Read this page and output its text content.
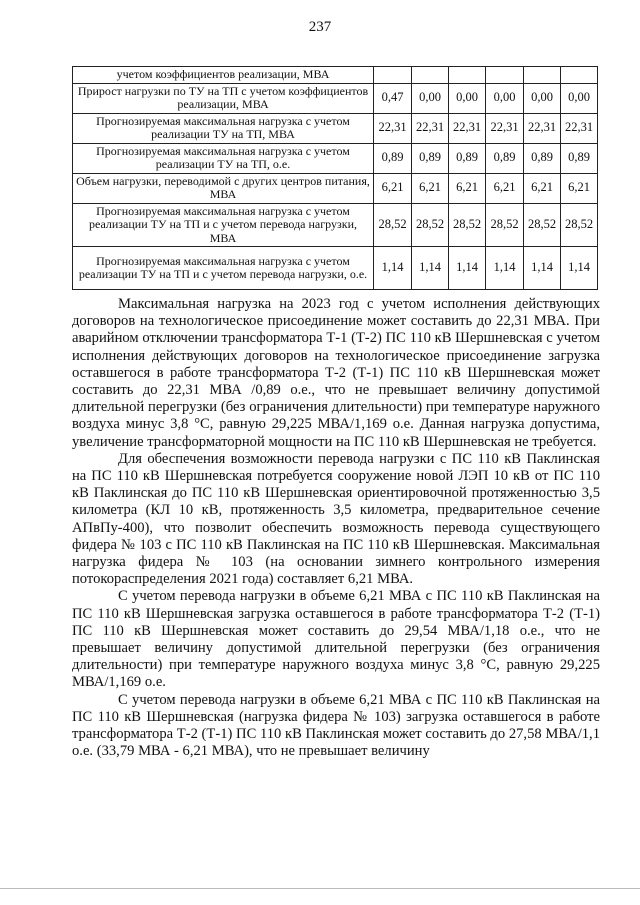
237
учетом коэффициентов реализации, МВА						
Прирост нагрузки по ТУ на ТП с учетом коэффициентов реализации, МВА	0,47	0,00	0,00	0,00	0,00	0,00
Прогнозируемая максимальная нагрузка с учетом реализации ТУ на ТП, МВА	22,31	22,31	22,31	22,31	22,31	22,31
Прогнозируемая максимальная нагрузка с учетом реализации ТУ на ТП, о.е.	0,89	0,89	0,89	0,89	0,89	0,89
Объем нагрузки, переводимой с других центров питания, МВА	6,21	6,21	6,21	6,21	6,21	6,21
Прогнозируемая максимальная нагрузка с учетом реализации ТУ на ТП и с учетом перевода нагрузки, МВА	28,52	28,52	28,52	28,52	28,52	28,52
Прогнозируемая максимальная нагрузка с учетом реализации ТУ на ТП и с учетом перевода нагрузки, о.е.	1,14	1,14	1,14	1,14	1,14	1,14

Максимальная нагрузка на 2023 год с учетом исполнения действующих договоров на технологическое присоединение может составить до 22,31 МВА. При аварийном отключении трансформатора Т-1 (Т-2) ПС 110 кВ Шершневская с учетом исполнения действующих договоров на технологическое присоединение загрузка оставшегося в работе трансформатора Т-2 (Т-1) ПС 110 кВ Шершневская может составить до 22,31 МВА /0,89 о.е., что не превышает величину допустимой длительной перегрузки (без ограничения длительности) при температуре наружного воздуха минус 3,8 °С, равную 29,225 МВА/1,169 о.е. Данная нагрузка допустима, увеличение трансформаторной мощности на ПС 110 кВ Шершневская не требуется.

Для обеспечения возможности перевода нагрузки с ПС 110 кВ Паклинская на ПС 110 кВ Шершневская потребуется сооружение новой ЛЭП 10 кВ от ПС 110 кВ Паклинская до ПС 110 кВ Шершневская ориентировочной протяженностью 3,5 километра (КЛ 10 кВ, протяженность 3,5 километра, предварительное сечение АПвПу-400), что позволит обеспечить возможность перевода существующего фидера № 103 с ПС 110 кВ Паклинская на ПС 110 кВ Шершневская. Максимальная нагрузка фидера № 103 (на основании зимнего контрольного измерения потокораспределения 2021 года) составляет 6,21 МВА.

С учетом перевода нагрузки в объеме 6,21 МВА с ПС 110 кВ Паклинская на ПС 110 кВ Шершневская загрузка оставшегося в работе трансформатора Т-2 (Т-1) ПС 110 кВ Шершневская может составить до 29,54 МВА/1,18 о.е., что не превышает величину допустимой длительной перегрузки (без ограничения длительности) при температуре наружного воздуха минус 3,8 °С, равную 29,225 МВА/1,169 о.е.

С учетом перевода нагрузки в объеме 6,21 МВА с ПС 110 кВ Паклинская на ПС 110 кВ Шершневская (нагрузка фидера № 103) загрузка оставшегося в работе трансформатора Т-2 (Т-1) ПС 110 кВ Паклинская может составить до 27,58 МВА/1,1 о.е. (33,79 МВА - 6,21 МВА), что не превышает величину
